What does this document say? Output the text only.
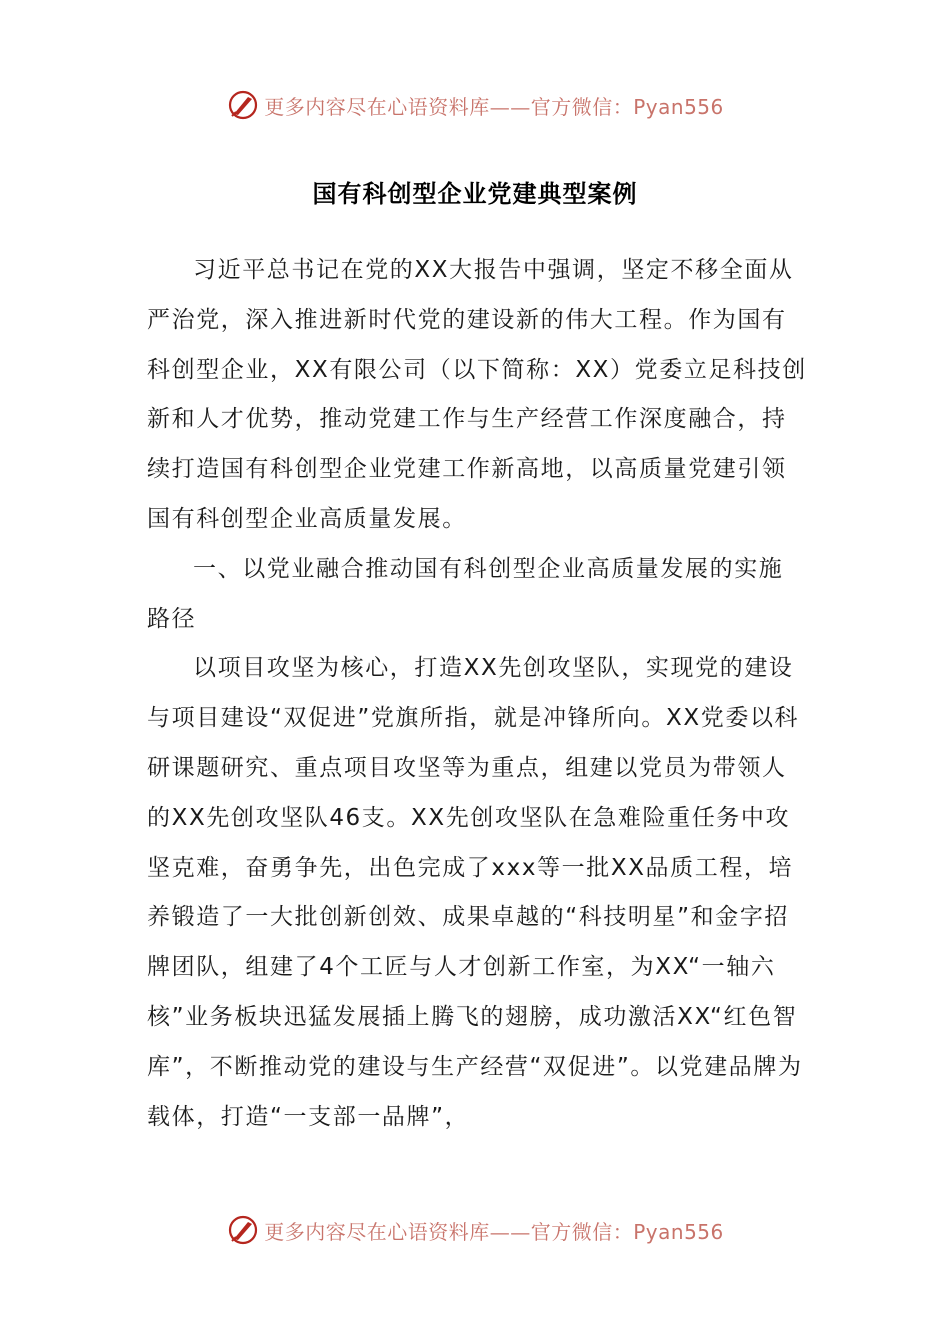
更多内容尽在心语资料库——官方微信：Pyan556
国有科创型企业党建典型案例

习近平总书记在党的XX大报告中强调，坚定不移全面从严治党，深入推进新时代党的建设新的伟大工程。作为国有科创型企业，XX有限公司（以下简称：XX）党委立足科技创新和人才优势，推动党建工作与生产经营工作深度融合，持续打造国有科创型企业党建工作新高地，以高质量党建引领国有科创型企业高质量发展。

一、以党业融合推动国有科创型企业高质量发展的实施路径

以项目攻坚为核心，打造XX先创攻坚队，实现党的建设与项目建设“双促进”党旗所指，就是冲锋所向。XX党委以科研课题研究、重点项目攻坚等为重点，组建以党员为带领人的XX先创攻坚队46支。XX先创攻坚队在急难险重任务中攻坚克难，奋勇争先，出色完成了xxx等一批XX品质工程，培养锻造了一大批创新创效、成果卓越的“科技明星”和金字招牌团队，组建了4个工匠与人才创新工作室，为XX“一轴六核”业务板块迅猛发展插上腾飞的翅膀，成功激活XX“红色智库”，不断推动党的建设与生产经营“双促进”。以党建品牌为载体，打造“一支部一品牌”，

更多内容尽在心语资料库——官方微信：Pyan556
